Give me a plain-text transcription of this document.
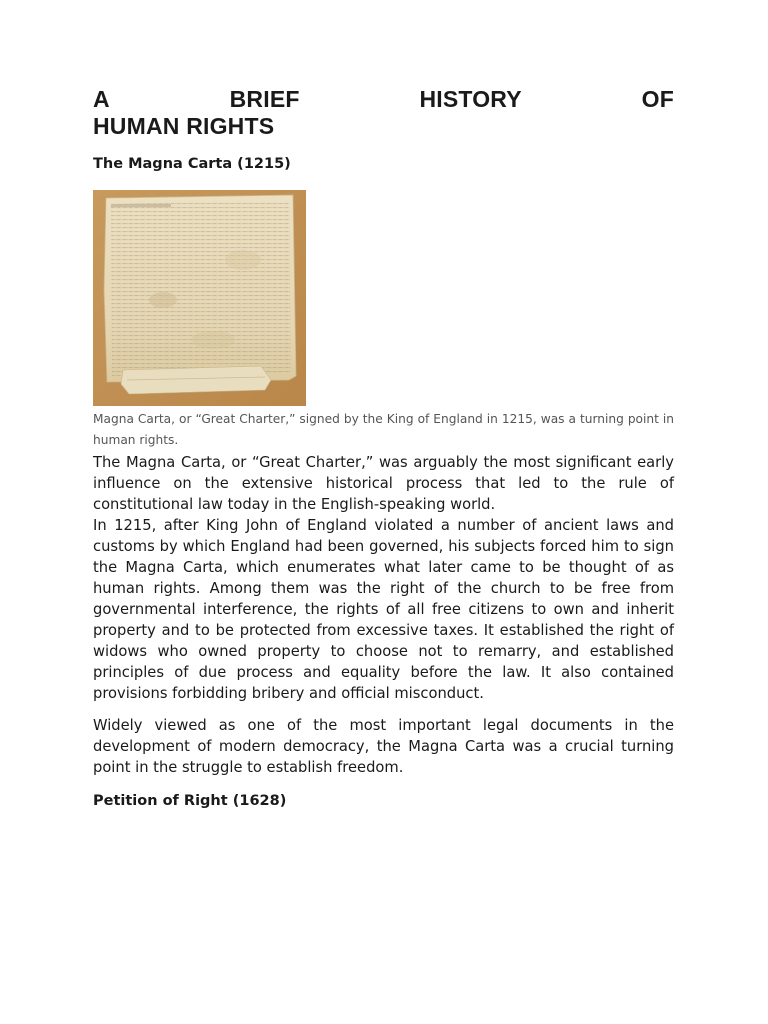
A	BRIEF	HISTORY	OF
HUMAN RIGHTS
The Magna Carta (1215)
Magna Carta, or “Great Charter,” signed by the King of England in 1215, was a turning point in human rights.

The Magna Carta, or “Great Charter,” was arguably the most significant early influence on the extensive historical process that led to the rule of constitutional law today in the English-speaking world.

In 1215, after King John of England violated a number of ancient laws and customs by which England had been governed, his subjects forced him to sign the Magna Carta, which enumerates what later came to be thought of as human rights. Among them was the right of the church to be free from governmental interference, the rights of all free citizens to own and inherit property and to be protected from excessive taxes. It established the right of widows who owned property to choose not to remarry, and established principles of due process and equality before the law. It also contained provisions forbidding bribery and official misconduct.

Widely viewed as one of the most important legal documents in the development of modern democracy, the Magna Carta was a crucial turning point in the struggle to establish freedom.

Petition of Right (1628)
